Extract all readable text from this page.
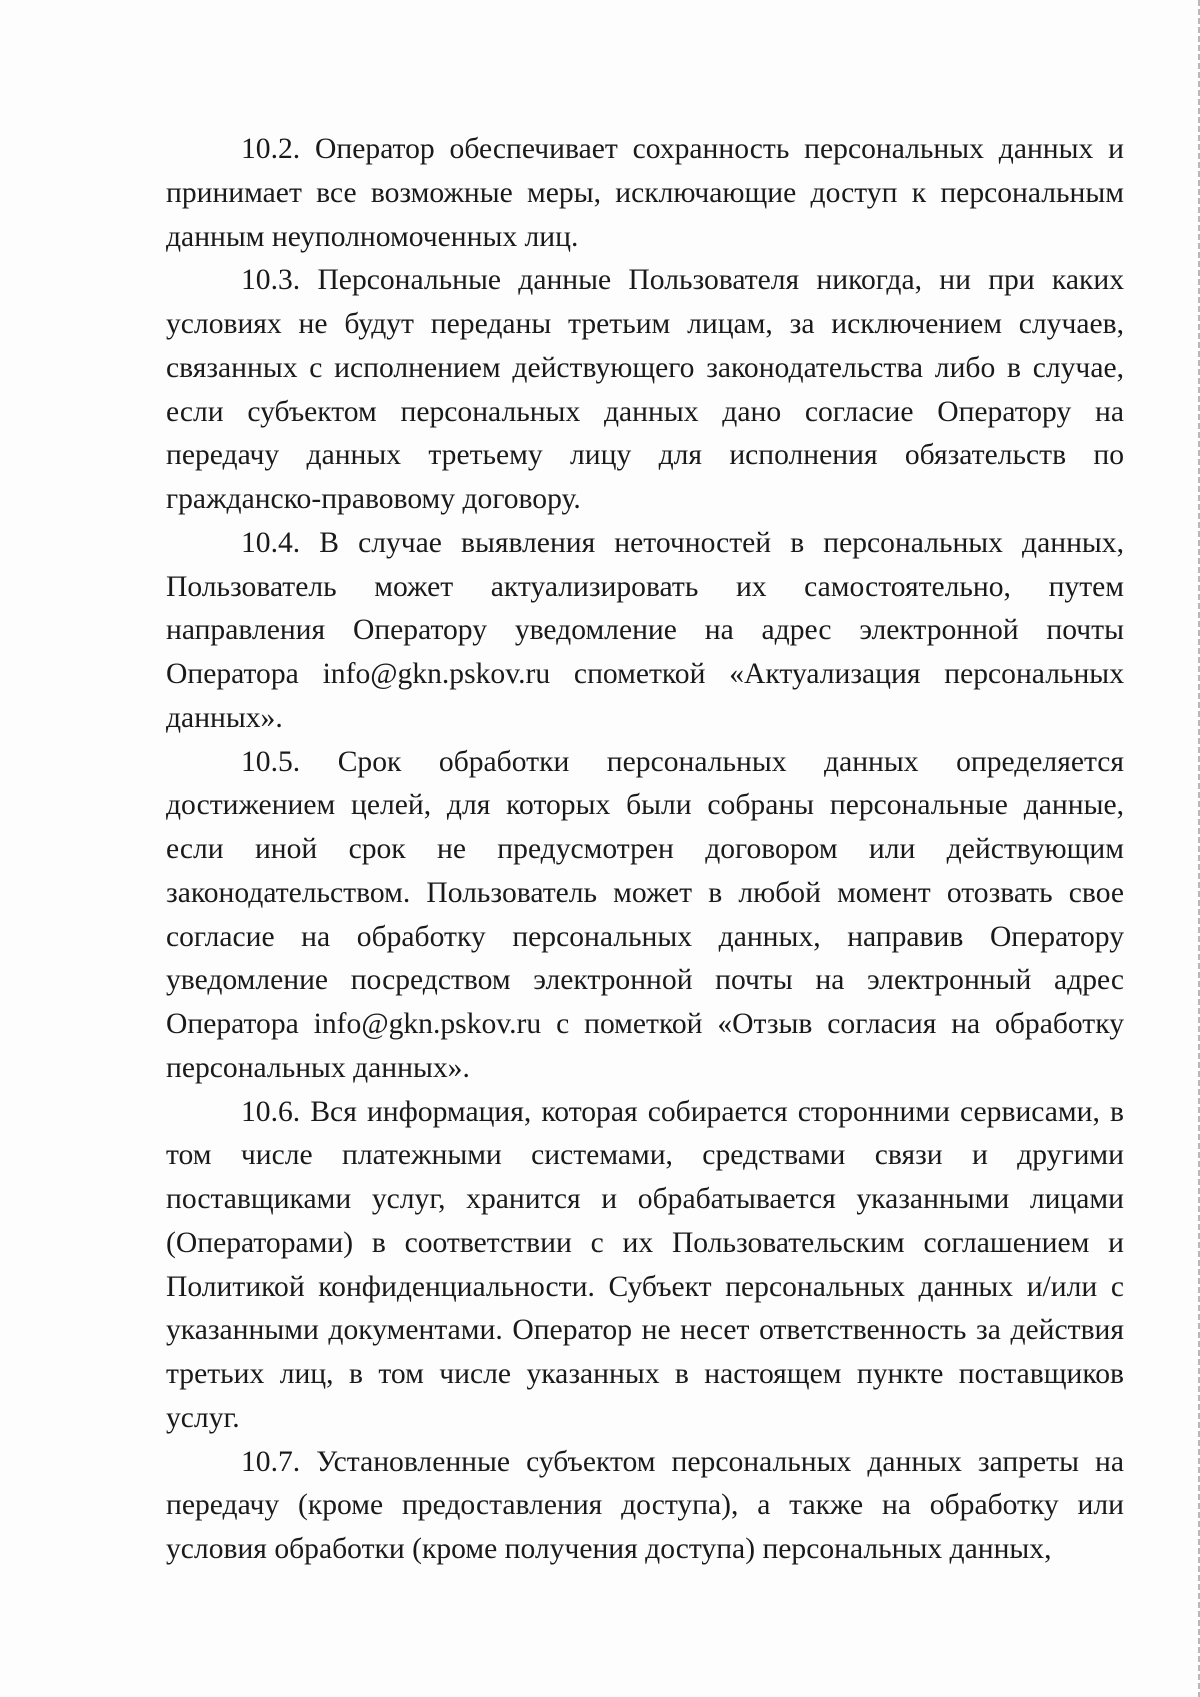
10.2. Оператор обеспечивает сохранность персональных данных и принимает все возможные меры, исключающие доступ к персональным данным неуполномоченных лиц.

10.3. Персональные данные Пользователя никогда, ни при каких условиях не будут переданы третьим лицам, за исключением случаев, связанных с исполнением действующего законодательства либо в случае, если субъектом персональных данных дано согласие Оператору на передачу данных третьему лицу для исполнения обязательств по гражданско-правовому договору.

10.4. В случае выявления неточностей в персональных данных, Пользователь может актуализировать их самостоятельно, путем направления Оператору уведомление на адрес электронной почты Оператора info@gkn.pskov.ru спометкой «Актуализация персональных данных».

10.5. Срок обработки персональных данных определяется достижением целей, для которых были собраны персональные данные, если иной срок не предусмотрен договором или действующим законодательством. Пользователь может в любой момент отозвать свое согласие на обработку персональных данных, направив Оператору уведомление посредством электронной почты на электронный адрес Оператора info@gkn.pskov.ru с пометкой «Отзыв согласия на обработку персональных данных».

10.6. Вся информация, которая собирается сторонними сервисами, в том числе платежными системами, средствами связи и другими поставщиками услуг, хранится и обрабатывается указанными лицами (Операторами) в соответствии с их Пользовательским соглашением и Политикой конфиденциальности. Субъект персональных данных и/или с указанными документами. Оператор не несет ответственность за действия третьих лиц, в том числе указанных в настоящем пункте поставщиков услуг.

10.7. Установленные субъектом персональных данных запреты на передачу (кроме предоставления доступа), а также на обработку или условия обработки (кроме получения доступа) персональных данных,
